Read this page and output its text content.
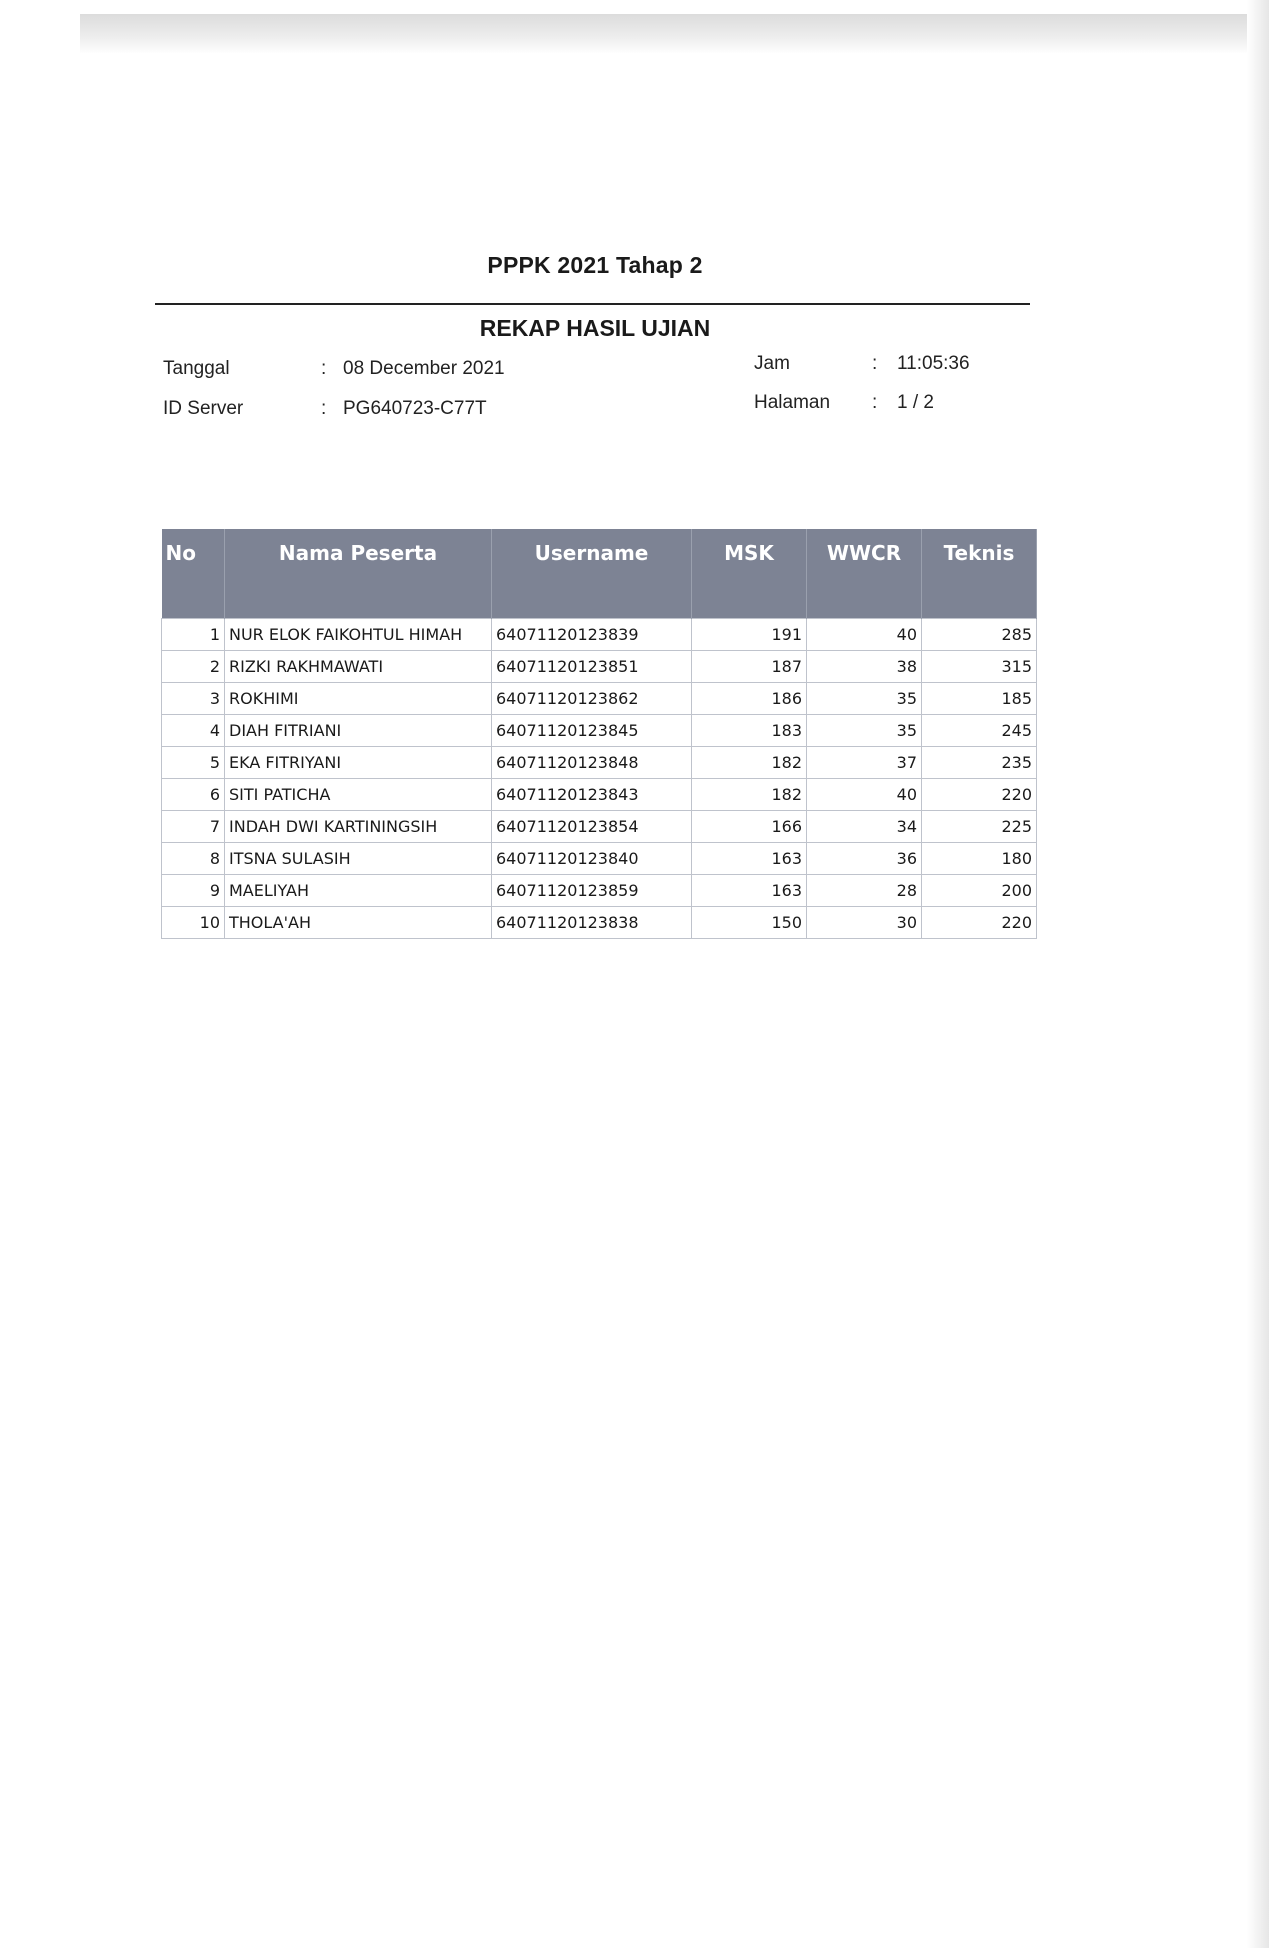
PPPK 2021 Tahap 2
REKAP HASIL UJIAN
Tanggal	: 08 December 2021
ID Server	: PG640723-C77T
Jam	: 11:05:36
Halaman : 1 / 2
No	Nama Peserta	Username	MSK	WWCR	Teknis
1	NUR ELOK FAIKOHTUL HIMAH	64071120123839	191	40	285
2	RIZKI RAKHMAWATI	64071120123851	187	38	315
3	ROKHIMI	64071120123862	186	35	185
4	DIAH FITRIANI	64071120123845	183	35	245
5	EKA FITRIYANI	64071120123848	182	37	235
6	SITI PATICHA	64071120123843	182	40	220
7	INDAH DWI KARTININGSIH	64071120123854	166	34	225
8	ITSNA SULASIH	64071120123840	163	36	180
9	MAELIYAH	64071120123859	163	28	200
10	THOLA'AH	64071120123838	150	30	220
